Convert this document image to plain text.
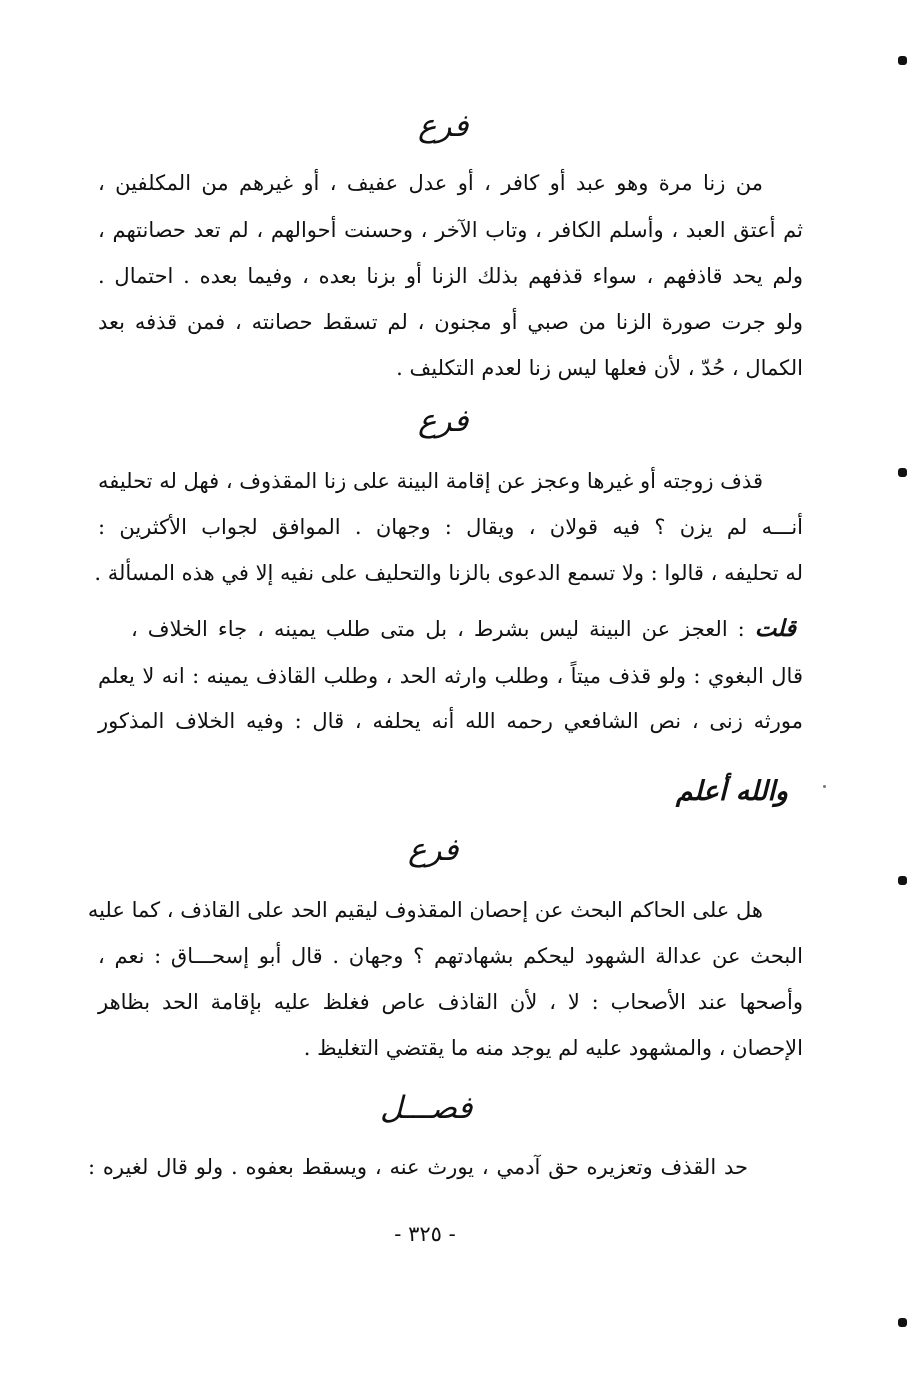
فرع
من زنا مرة وهو عبد أو كافر ، أو عدل عفيف ، أو غيرهم من المكلفين ،
ثم أعتق العبد ، وأسلم الكافر ، وتاب الآخر ، وحسنت أحوالهم ، لم تعد حصانتهم ،
ولم يحد قاذفهم ، سواء قذفهم بذلك الزنا أو بزنا بعده ، وفيما بعده . احتمال .
ولو جرت صورة الزنا من صبي أو مجنون ، لم تسقط حصانته ، فمن قذفه بعد
الكمال ، حُدّ ، لأن فعلها ليس زنا لعدم التكليف .
فرع
قذف زوجته أو غيرها وعجز عن إقامة البينة على زنا المقذوف ، فهل له تحليفه
أنـــه لم يزن ؟ فيه قولان ، ويقال : وجهان . الموافق لجواب الأكثرين :
له تحليفه ، قالوا : ولا تسمع الدعوى بالزنا والتحليف على نفيه إلا في هذه المسألة .
قلت : العجز عن البينة ليس بشرط ، بل متى طلب يمينه ، جاء الخلاف ،
قال البغوي : ولو قذف ميتاً ، وطلب وارثه الحد ، وطلب القاذف يمينه : انه لا يعلم
مورثه زنى ، نص الشافعي رحمه الله أنه يحلفه ، قال : وفيه الخلاف المذكور
والله أعلم
فرع
هل على الحاكم البحث عن إحصان المقذوف ليقيم الحد على القاذف ، كما عليه
البحث عن عدالة الشهود ليحكم بشهادتهم ؟ وجهان . قال أبو إسحـــاق : نعم ،
وأصحها عند الأصحاب : لا ، لأن القاذف عاص فغلظ عليه بإقامة الحد بظاهر
الإحصان ، والمشهود عليه لم يوجد منه ما يقتضي التغليظ .
فصـــل
حد القذف وتعزيره حق آدمي ، يورث عنه ، ويسقط بعفوه . ولو قال لغيره :
- ٣٢٥ -
